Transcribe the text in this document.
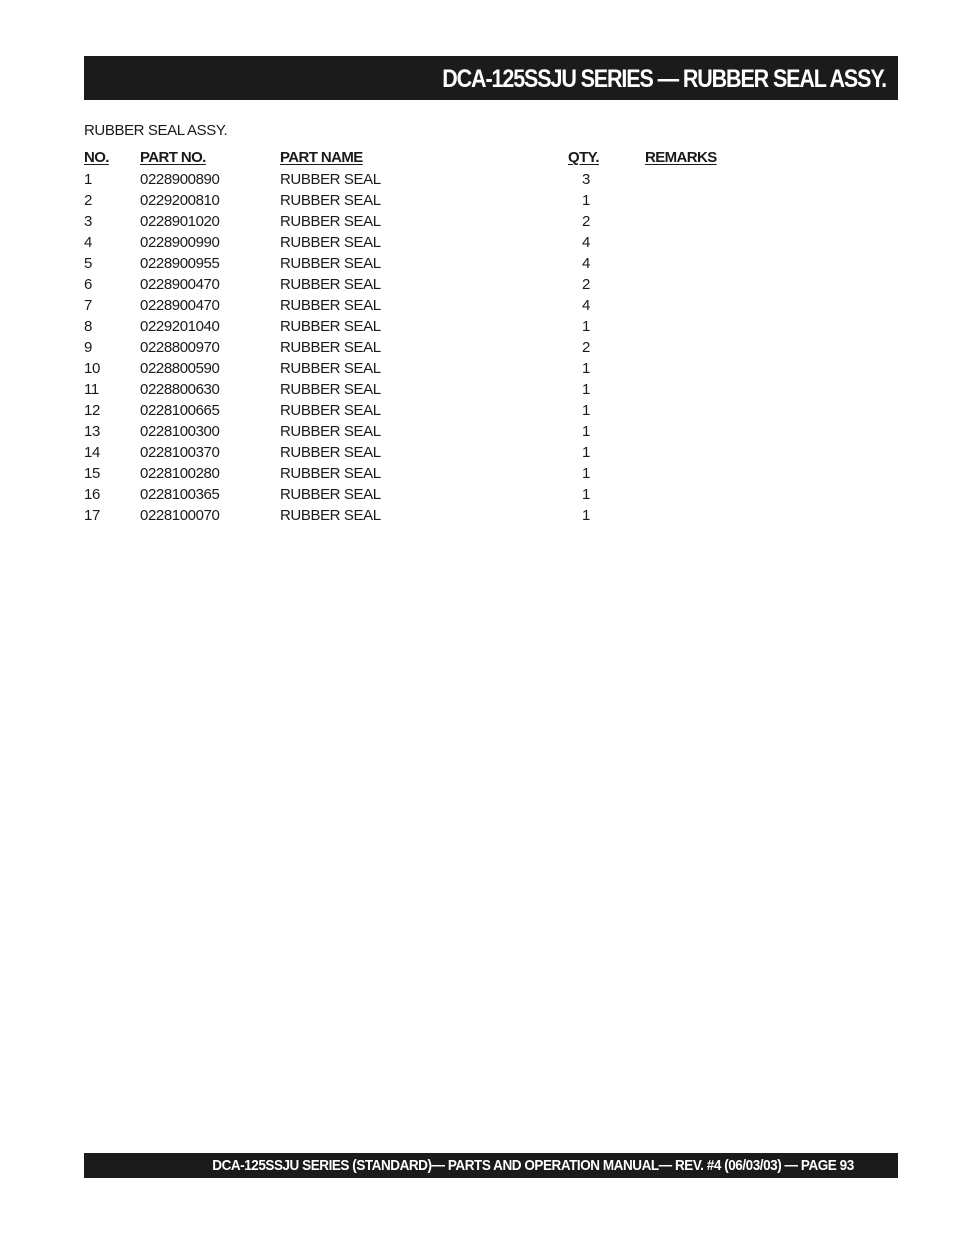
DCA-125SSJU SERIES — RUBBER SEAL ASSY.
RUBBER SEAL ASSY.
NO. PART NO.	PART NAME	QTY.	REMARKS
1	0228900890	RUBBER SEAL	3
2	0229200810	RUBBER SEAL	1
3	0228901020	RUBBER SEAL	2
4	0228900990	RUBBER SEAL	4
5	0228900955	RUBBER SEAL	4
6	0228900470	RUBBER SEAL	2
7	0228900470	RUBBER SEAL	4
8	0229201040	RUBBER SEAL	1
9	0228800970	RUBBER SEAL	2
10	0228800590	RUBBER SEAL	1
11	0228800630	RUBBER SEAL	1
12	0228100665	RUBBER SEAL	1
13	0228100300	RUBBER SEAL	1
14	0228100370	RUBBER SEAL	1
15	0228100280	RUBBER SEAL	1
16	0228100365	RUBBER SEAL	1
17	0228100070	RUBBER SEAL	1
DCA-125SSJU SERIES (STANDARD)— PARTS AND OPERATION MANUAL— REV. #4 (06/03/03) — PAGE 93
